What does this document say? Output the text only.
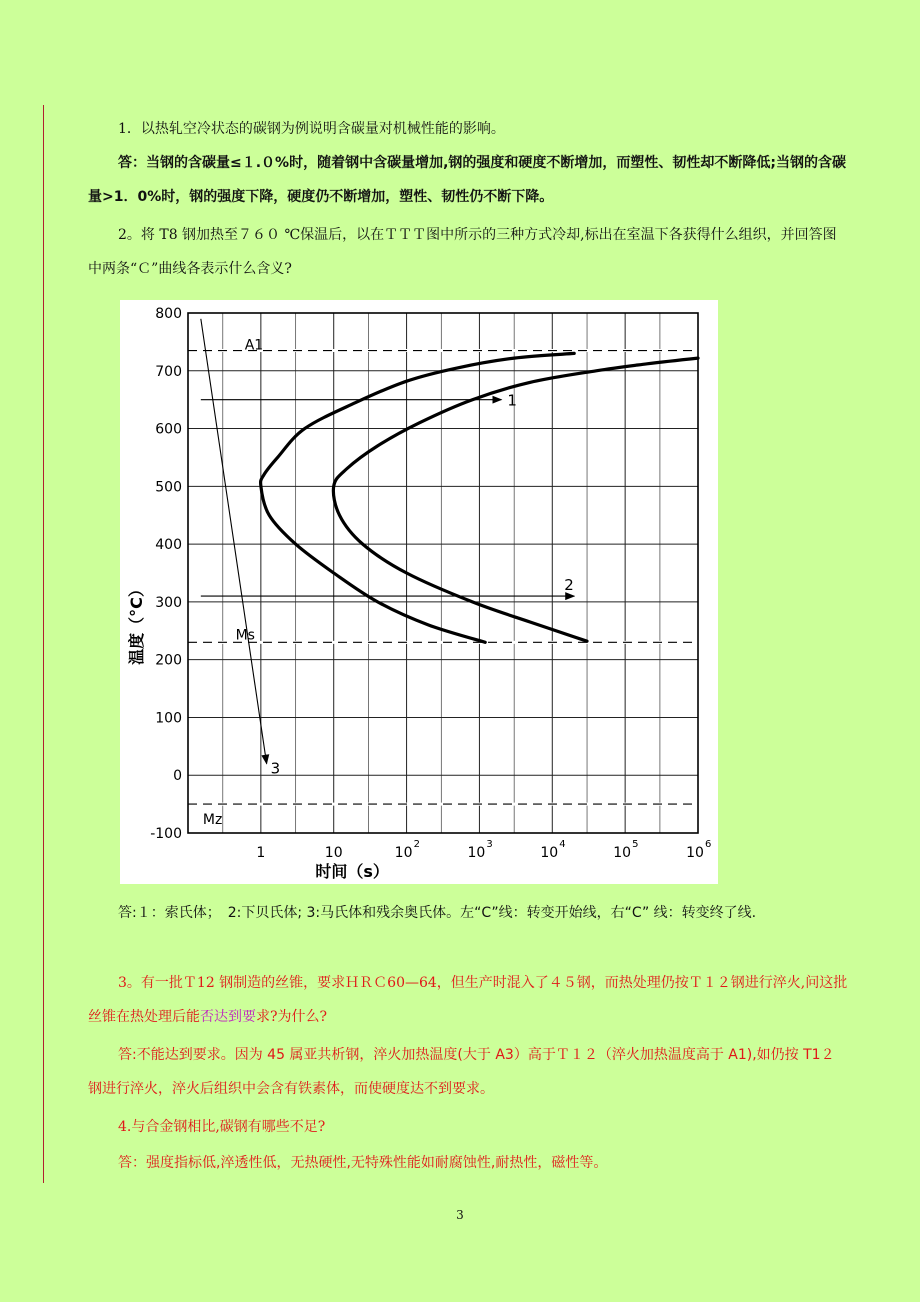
1．以热轧空冷状态的碳钢为例说明含碳量对机械性能的影响。
答：当钢的含碳量≤１.０%时，随着钢中含碳量增加,钢的强度和硬度不断增加，而塑性、韧性却不断降低;当钢的含碳量>1．0%时，钢的强度下降，硬度仍不断增加，塑性、韧性仍不断下降。
2。将 T8 钢加热至７６０ ℃保温后，以在ＴＴＴ图中所示的三种方式冷却,标出在室温下各获得什么组织，并回答图中两条“Ｃ”曲线各表示什么含义?
A1
Ms
Mz
1
2
3
800
700
600
500
400
300
200
100
0
-100
1	10	10
2
10
3
10
4
10
5
10
6
时间（s）
温度（°C）
答:１：索氏体；　2:下贝氏体; 3:马氏体和残余奥氏体。左“C”线：转变开始线，右“C” 线：转变终了线.
3。有一批Ｔ12 钢制造的丝锥，要求ＨＲＣ60—64，但生产时混入了４５钢，而热处理仍按Ｔ１２钢进行淬火,问这批丝锥在热处理后能否达到要求?为什么?
答:不能达到要求。因为 45 属亚共析钢，淬火加热温度(大于 A3）高于Ｔ１２（淬火加热温度高于 A1),如仍按 T1２钢进行淬火，淬火后组织中会含有铁素体，而使硬度达不到要求。
4.与合金钢相比,碳钢有哪些不足?
答：强度指标低,淬透性低，无热硬性,无特殊性能如耐腐蚀性,耐热性，磁性等。
3
